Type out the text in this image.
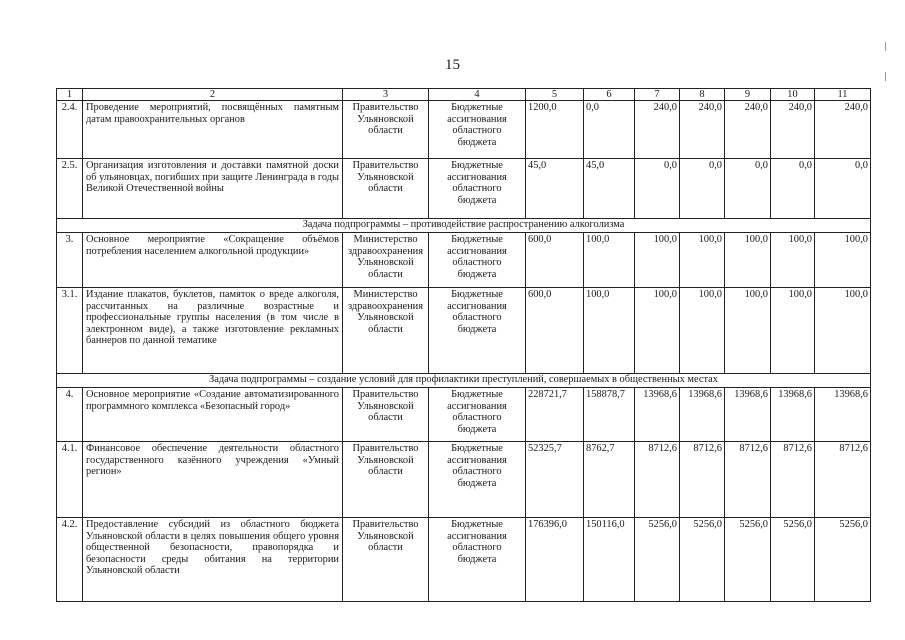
15
1	2	3	4	5	6	7	8	9	10	11
2.4.	Проведение мероприятий, посвящённых памятным датам правоохранительных органов	Правительство Ульяновской области	Бюджетные ассигнования областного бюджета	1200,0	0,0	240,0	240,0	240,0	240,0	240,0
2.5.	Организация изготовления и доставки памятной доски об ульяновцах, погибших при защите Ленинграда в годы Великой Отечественной войны	Правительство Ульяновской области	Бюджетные ассигнования областного бюджета	45,0	45,0	0,0	0,0	0,0	0,0	0,0
Задача подпрограммы – противодействие распространению алкоголизма										
3.	Основное мероприятие «Сокращение объёмов потребления населением алкогольной продукции»	Министерство здравоохранения Ульяновской области	Бюджетные ассигнования областного бюджета	600,0	100,0	100,0	100,0	100,0	100,0	100,0
3.1.	Издание плакатов, буклетов, памяток о вреде алкоголя, рассчитанных на различные возрастные и профессиональные группы населения (в том числе в электронном виде), а также изготовление рекламных баннеров по данной тематике	Министерство здравоохранения Ульяновской области	Бюджетные ассигнования областного бюджета	600,0	100,0	100,0	100,0	100,0	100,0	100,0
Задача подпрограммы – создание условий для профилактики преступлений, совершаемых в общественных местах										
4.	Основное мероприятие «Создание автоматизированного программного комплекса «Безопасный город»	Правительство Ульяновской области	Бюджетные ассигнования областного бюджета	228721,7	158878,7	13968,6	13968,6	13968,6	13968,6	13968,6
4.1.	Финансовое обеспечение деятельности областного государственного казённого учреждения «Умный регион»	Правительство Ульяновской области	Бюджетные ассигнования областного бюджета	52325,7	8762,7	8712,6	8712,6	8712,6	8712,6	8712,6
4.2.	Предоставление субсидий из областного бюджета Ульяновской области в целях повышения общего уровня общественной безопасности, правопорядка и безопасности среды обитания на территории Ульяновской области	Правительство Ульяновской области	Бюджетные ассигнования областного бюджета	176396,0	150116,0	5256,0	5256,0	5256,0	5256,0	5256,0
